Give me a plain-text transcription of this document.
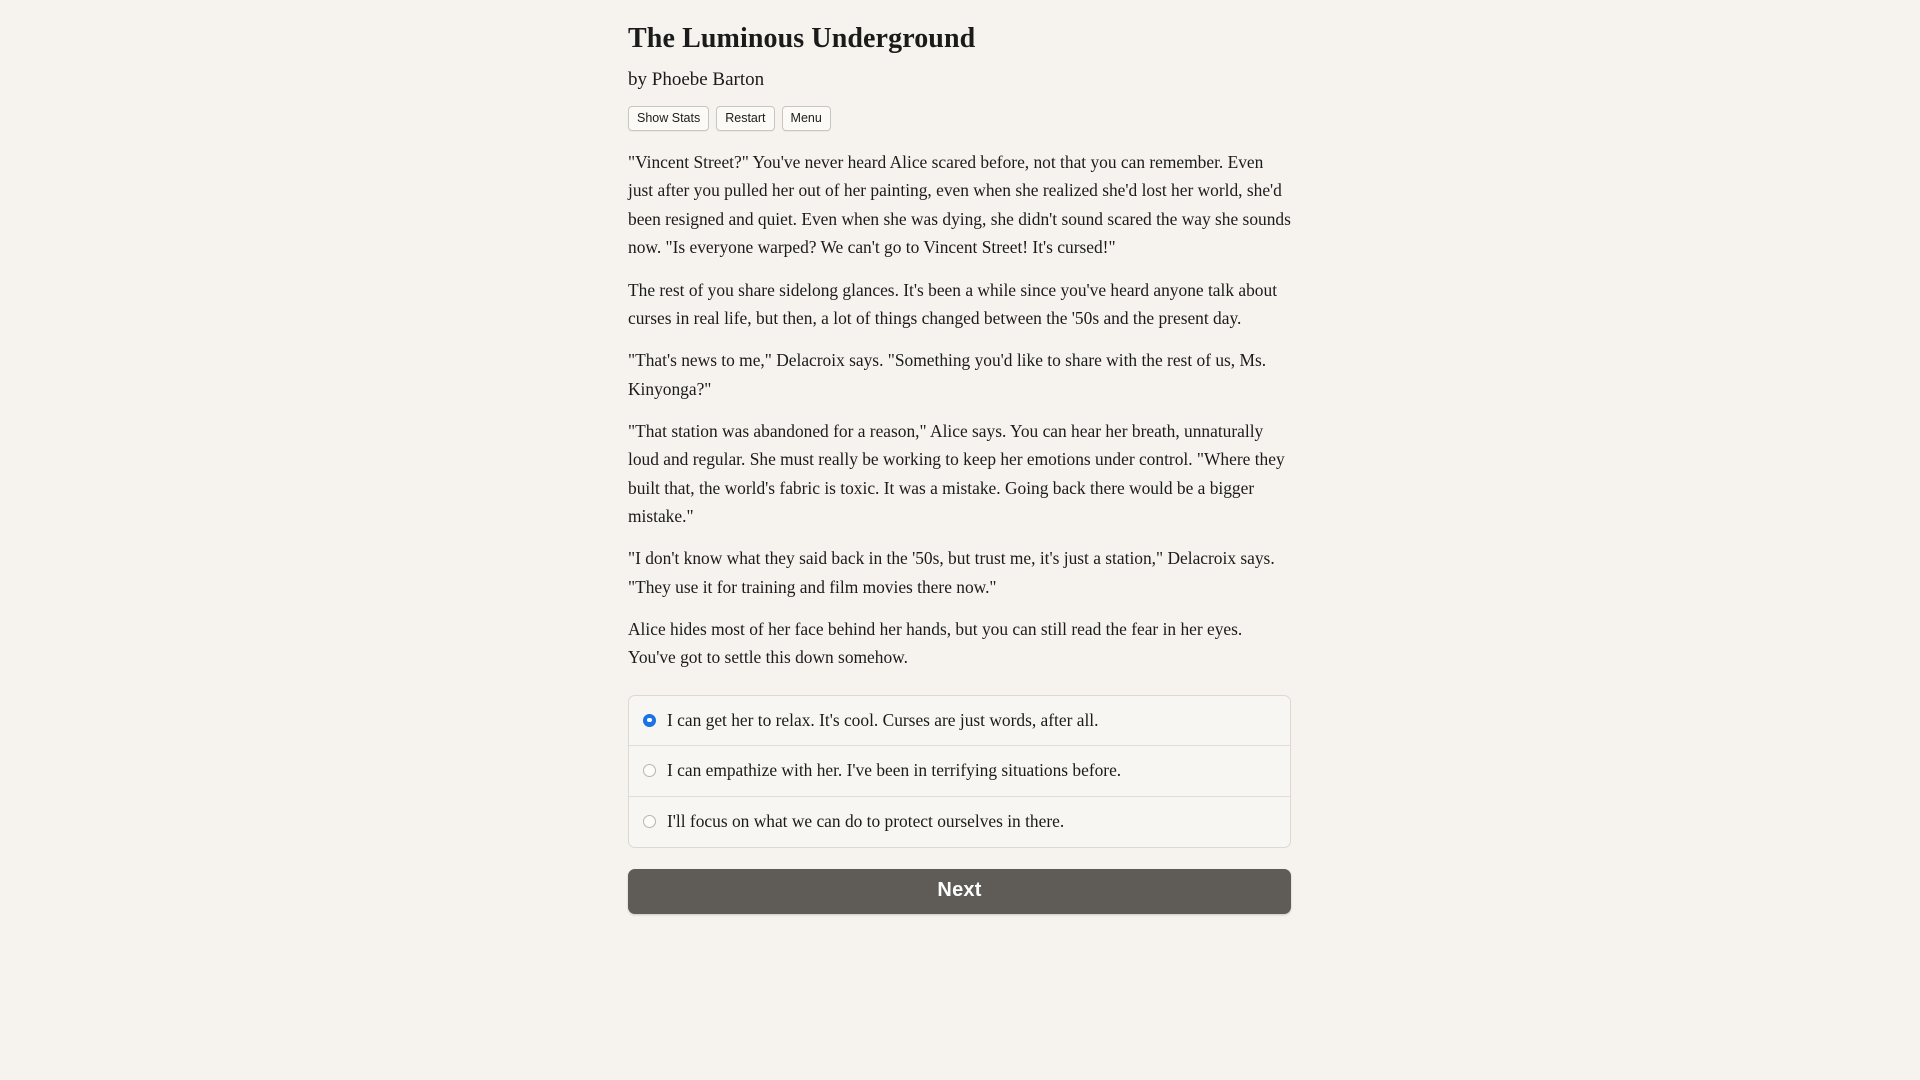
The Luminous Underground
by Phoebe Barton
Show Stats	Restart	Menu

"Vincent Street?" You've never heard Alice scared before, not that you can remember. Even just after you pulled her out of her painting, even when she realized she'd lost her world, she'd been resigned and quiet. Even when she was dying, she didn't sound scared the way she sounds now. "Is everyone warped? We can't go to Vincent Street! It's cursed!"

The rest of you share sidelong glances. It's been a while since you've heard anyone talk about curses in real life, but then, a lot of things changed between the '50s and the present day.

"That's news to me," Delacroix says. "Something you'd like to share with the rest of us, Ms. Kinyonga?"

"That station was abandoned for a reason," Alice says. You can hear her breath, unnaturally loud and regular. She must really be working to keep her emotions under control. "Where they built that, the world's fabric is toxic. It was a mistake. Going back there would be a bigger mistake."

"I don't know what they said back in the '50s, but trust me, it's just a station," Delacroix says. "They use it for training and film movies there now."

Alice hides most of her face behind her hands, but you can still read the fear in her eyes. You've got to settle this down somehow.

I can get her to relax. It's cool. Curses are just words, after all.
I can empathize with her. I've been in terrifying situations before.
I'll focus on what we can do to protect ourselves in there.
Next
